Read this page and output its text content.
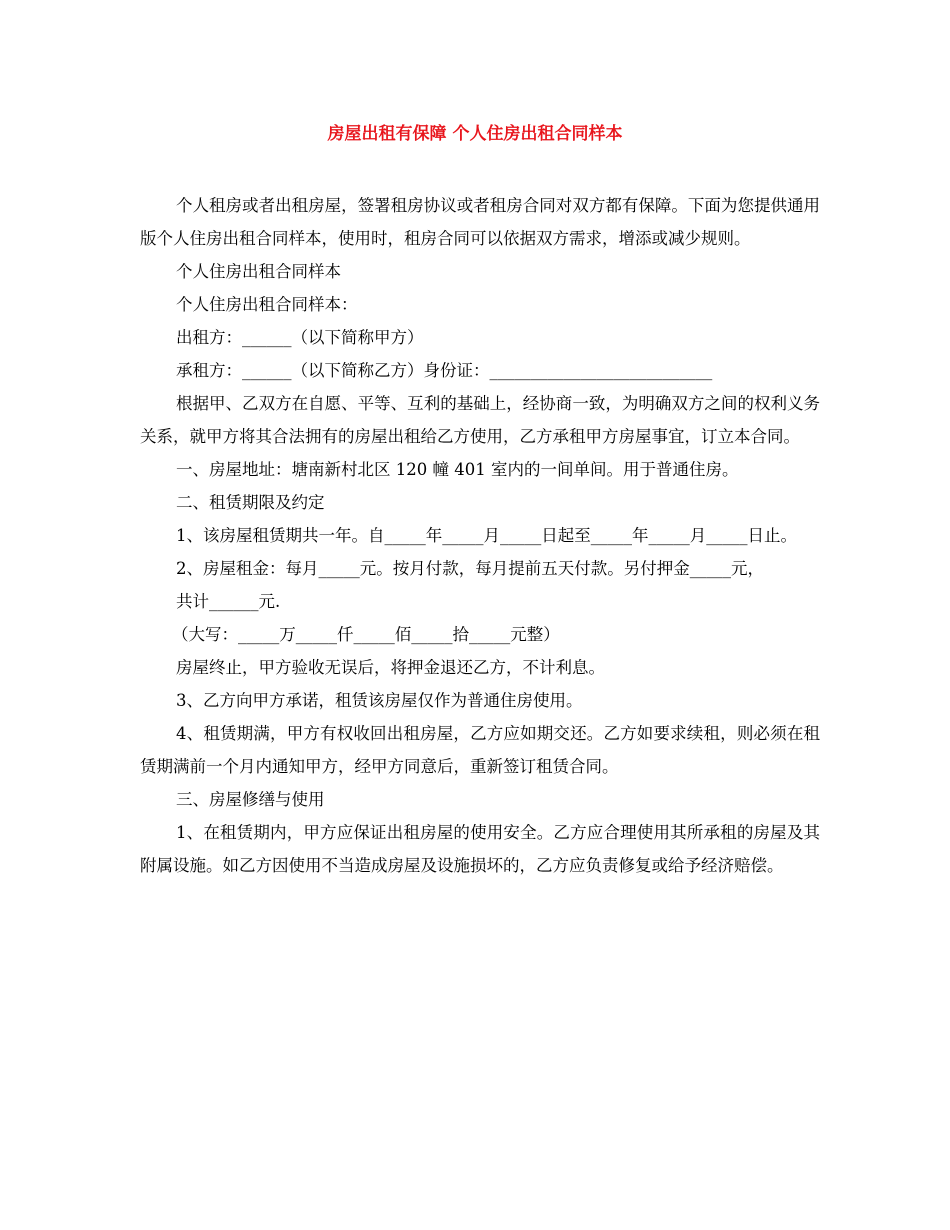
房屋出租有保障 个人住房出租合同样本

个人租房或者出租房屋，签署租房协议或者租房合同对双方都有保障。下面为您提供通用版个人住房出租合同样本，使用时，租房合同可以依据双方需求，增添或减少规则。

个人住房出租合同样本

个人住房出租合同样本：

出租方：______（以下简称甲方）

承租方：______（以下简称乙方）身份证：___________________________

根据甲、乙双方在自愿、平等、互利的基础上，经协商一致，为明确双方之间的权利义务关系，就甲方将其合法拥有的房屋出租给乙方使用，乙方承租甲方房屋事宜，订立本合同。

一、房屋地址：塘南新村北区 120 幢 401 室内的一间单间。用于普通住房。

二、租赁期限及约定

1、该房屋租赁期共一年。自_____年_____月_____日起至_____年_____月_____日止。

2、房屋租金：每月_____元。按月付款，每月提前五天付款。另付押金_____元，

共计______元.

（大写：_____万_____仟_____佰_____拾_____元整）

房屋终止，甲方验收无误后，将押金退还乙方，不计利息。

3、乙方向甲方承诺，租赁该房屋仅作为普通住房使用。

4、租赁期满，甲方有权收回出租房屋，乙方应如期交还。乙方如要求续租，则必须在租赁期满前一个月内通知甲方，经甲方同意后，重新签订租赁合同。

三、房屋修缮与使用

1、在租赁期内，甲方应保证出租房屋的使用安全。乙方应合理使用其所承租的房屋及其附属设施。如乙方因使用不当造成房屋及设施损坏的，乙方应负责修复或给予经济赔偿。
